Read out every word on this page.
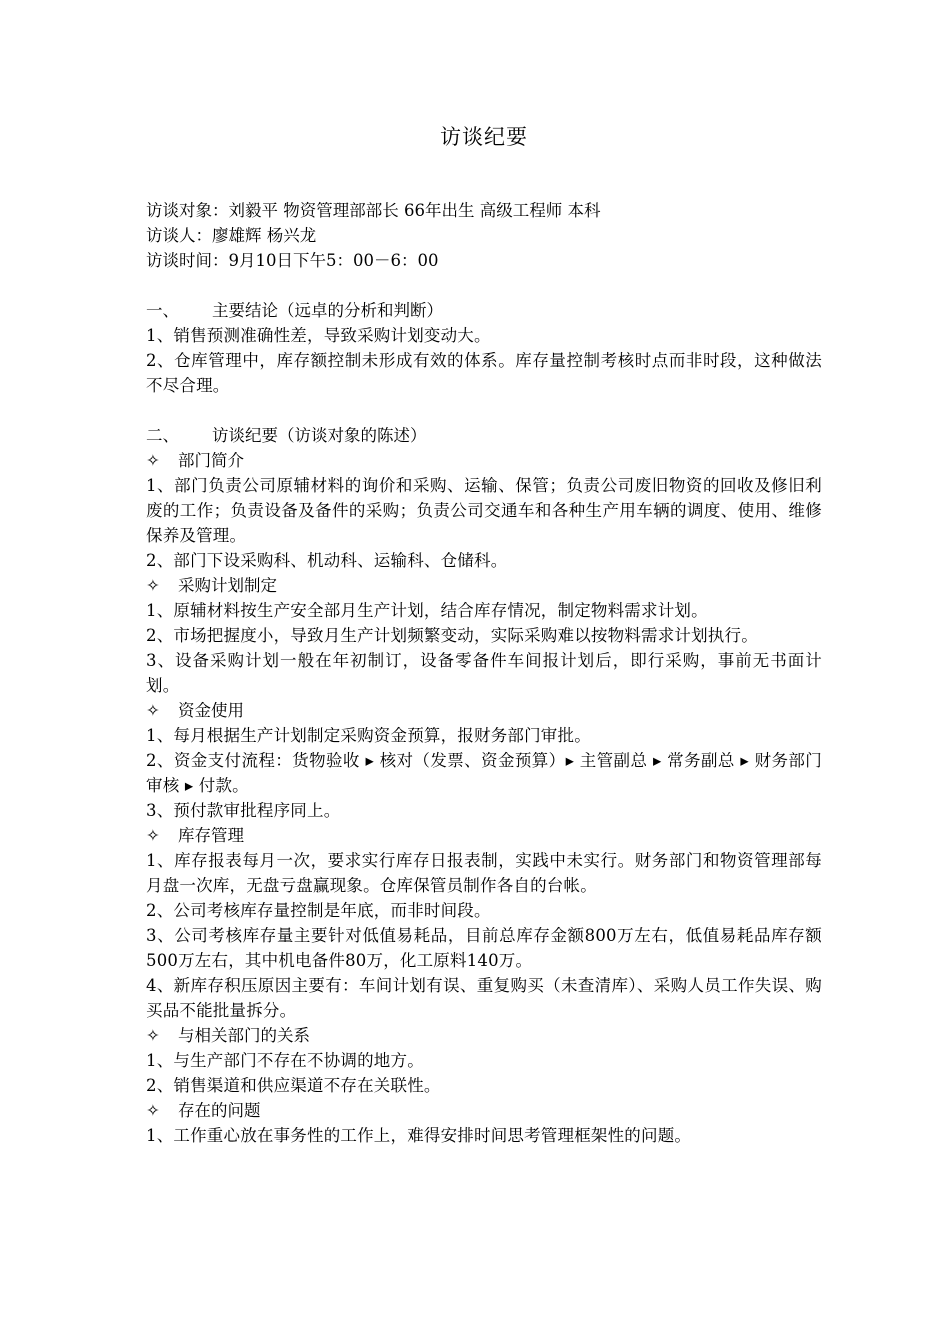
访谈纪要
访谈对象：刘毅平 物资管理部部长 66年出生 高级工程师 本科
访谈人：廖雄辉 杨兴龙
访谈时间：9月10日下午5：00－6：00
一、 主要结论（远卓的分析和判断）
1、销售预测准确性差，导致采购计划变动大。
2、仓库管理中，库存额控制未形成有效的体系。库存量控制考核时点而非时段，这种做法不尽合理。
二、 访谈纪要（访谈对象的陈述）
✧ 部门简介
1、部门负责公司原辅材料的询价和采购、运输、保管；负责公司废旧物资的回收及修旧利废的工作；负责设备及备件的采购；负责公司交通车和各种生产用车辆的调度、使用、维修保养及管理。
2、部门下设采购科、机动科、运输科、仓储科。
✧ 采购计划制定
1、原辅材料按生产安全部月生产计划，结合库存情况，制定物料需求计划。
2、市场把握度小，导致月生产计划频繁变动，实际采购难以按物料需求计划执行。
3、设备采购计划一般在年初制订，设备零备件车间报计划后，即行采购，事前无书面计划。
✧ 资金使用
1、每月根据生产计划制定采购资金预算，报财务部门审批。
2、资金支付流程：货物验收 ▸ 核对（发票、资金预算）▸ 主管副总 ▸ 常务副总 ▸ 财务部门审核 ▸ 付款。
3、预付款审批程序同上。
✧ 库存管理
1、库存报表每月一次，要求实行库存日报表制，实践中未实行。财务部门和物资管理部每月盘一次库，无盘亏盘赢现象。仓库保管员制作各自的台帐。
2、公司考核库存量控制是年底，而非时间段。
3、公司考核库存量主要针对低值易耗品，目前总库存金额800万左右，低值易耗品库存额500万左右，其中机电备件80万，化工原料140万。
4、新库存积压原因主要有：车间计划有误、重复购买（未查清库）、采购人员工作失误、购买品不能批量拆分。
✧ 与相关部门的关系
1、与生产部门不存在不协调的地方。
2、销售渠道和供应渠道不存在关联性。
✧ 存在的问题
1、工作重心放在事务性的工作上，难得安排时间思考管理框架性的问题。
